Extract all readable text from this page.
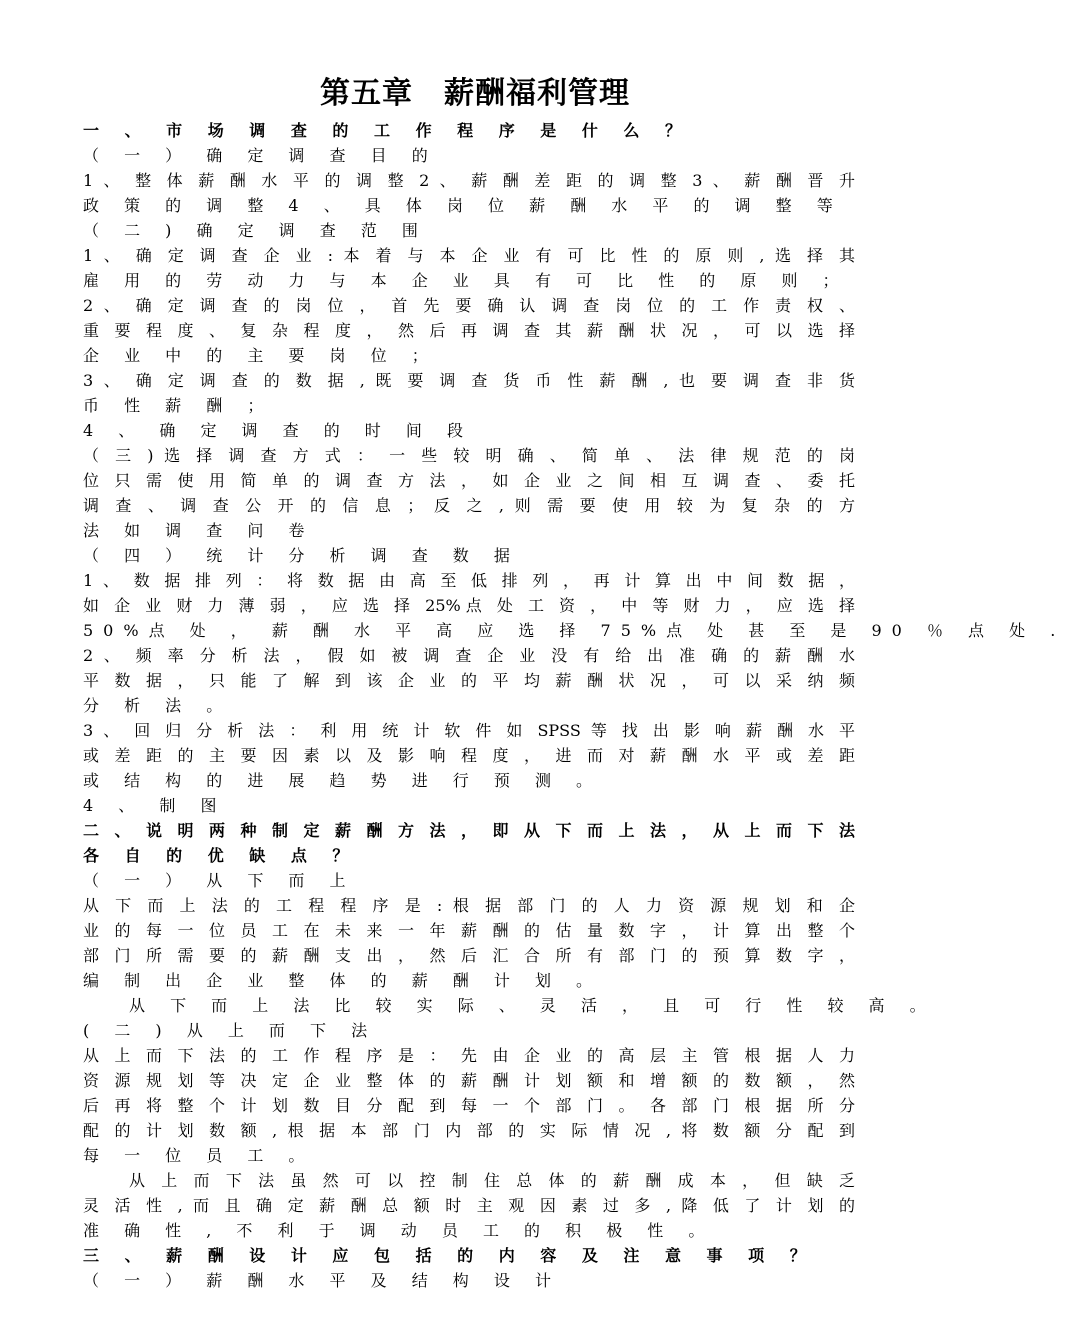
第五章　薪酬福利管理
一 、 市 场 调 查 的 工 作 程 序 是 什 么 ？
（ 一 ） 确 定 调 查 目 的
1 、 整 体 薪 酬 水 平 的 调 整 2 、 薪 酬 差 距 的 调 整 3 、 薪 酬 晋 升
政 策 的 调 整 4 、 具 体 岗 位 薪 酬 水 平 的 调 整 等
（ 二 ) 确 定 调 查 范 围
1 、 确 定 调 查 企 业 : 本 着 与 本 企 业 有 可 比 性 的 原 则 , 选 择 其
雇 用 的 劳 动 力 与 本 企 业 具 有 可 比 性 的 原 则 ；
2 、 确 定 调 查 的 岗 位 ， 首 先 要 确 认 调 查 岗 位 的 工 作 责 权 、
重 要 程 度 、 复 杂 程 度 ， 然 后 再 调 查 其 薪 酬 状 况 ， 可 以 选 择
企 业 中 的 主 要 岗 位 ；
3 、 确 定 调 查 的 数 据 , 既 要 调 查 货 币 性 薪 酬 , 也 要 调 查 非 货
币 性 薪 酬 ；
4 、 确 定 调 查 的 时 间 段
（ 三 ) 选 择 调 查 方 式 ： 一 些 较 明 确 、 简 单 、 法 律 规 范 的 岗
位 只 需 使 用 简 单 的 调 查 方 法 ， 如 企 业 之 间 相 互 调 查 、 委 托
调 查 、 调 查 公 开 的 信 息 ； 反 之 , 则 需 要 使 用 较 为 复 杂 的 方
法 如 调 查 问 卷
（ 四 ） 统 计 分 析 调 查 数 据
1 、 数 据 排 列 ： 将 数 据 由 高 至 低 排 列 ， 再 计 算 出 中 间 数 据 ，
如 企 业 财 力 薄 弱 ， 应 选 择 25%点 处 工 资 ， 中 等 财 力 ， 应 选 择
50%点 处 ， 薪 酬 水 平 高 应 选 择 75%点 处 甚 至 是 90 ％ 点 处 .
2 、 频 率 分 析 法 ， 假 如 被 调 查 企 业 没 有 给 出 准 确 的 薪 酬 水
平 数 据 ， 只 能 了 解 到 该 企 业 的 平 均 薪 酬 状 况 ， 可 以 采 纳 频
分 析 法 。
3 、 回 归 分 析 法 ： 利 用 统 计 软 件 如 SPSS 等 找 出 影 响 薪 酬 水 平
或 差 距 的 主 要 因 素 以 及 影 响 程 度 ， 进 而 对 薪 酬 水 平 或 差 距
或 结 构 的 进 展 趋 势 进 行 预 测 。
4 、 制 图
二 、 说 明 两 种 制 定 薪 酬 方 法 ， 即 从 下 而 上 法 ， 从 上 而 下 法
各 自 的 优 缺 点 ？
（ 一 ） 从 下 而 上
从 下 而 上 法 的 工 程 程 序 是 : 根 据 部 门 的 人 力 资 源 规 划 和 企
业 的 每 一 位 员 工 在 未 来 一 年 薪 酬 的 估 量 数 字 ， 计 算 出 整 个
部 门 所 需 要 的 薪 酬 支 出 ， 然 后 汇 合 所 有 部 门 的 预 算 数 字 ，
编 制 出 企 业 整 体 的 薪 酬 计 划 。
从 下 而 上 法 比 较 实 际 、 灵 活 ， 且 可 行 性 较 高 。
( 二 ) 从 上 而 下 法
从 上 而 下 法 的 工 作 程 序 是 ： 先 由 企 业 的 高 层 主 管 根 据 人 力
资 源 规 划 等 决 定 企 业 整 体 的 薪 酬 计 划 额 和 增 额 的 数 额 ， 然
后 再 将 整 个 计 划 数 目 分 配 到 每 一 个 部 门 。 各 部 门 根 据 所 分
配 的 计 划 数 额 , 根 据 本 部 门 内 部 的 实 际 情 况 , 将 数 额 分 配 到
每 一 位 员 工 。
从 上 而 下 法 虽 然 可 以 控 制 住 总 体 的 薪 酬 成 本 ， 但 缺 乏
灵 活 性 , 而 且 确 定 薪 酬 总 额 时 主 观 因 素 过 多 , 降 低 了 计 划 的
准 确 性 , 不 利 于 调 动 员 工 的 积 极 性 。
三 、 薪 酬 设 计 应 包 括 的 内 容 及 注 意 事 项 ？
（ 一 ） 薪 酬 水 平 及 结 构 设 计
